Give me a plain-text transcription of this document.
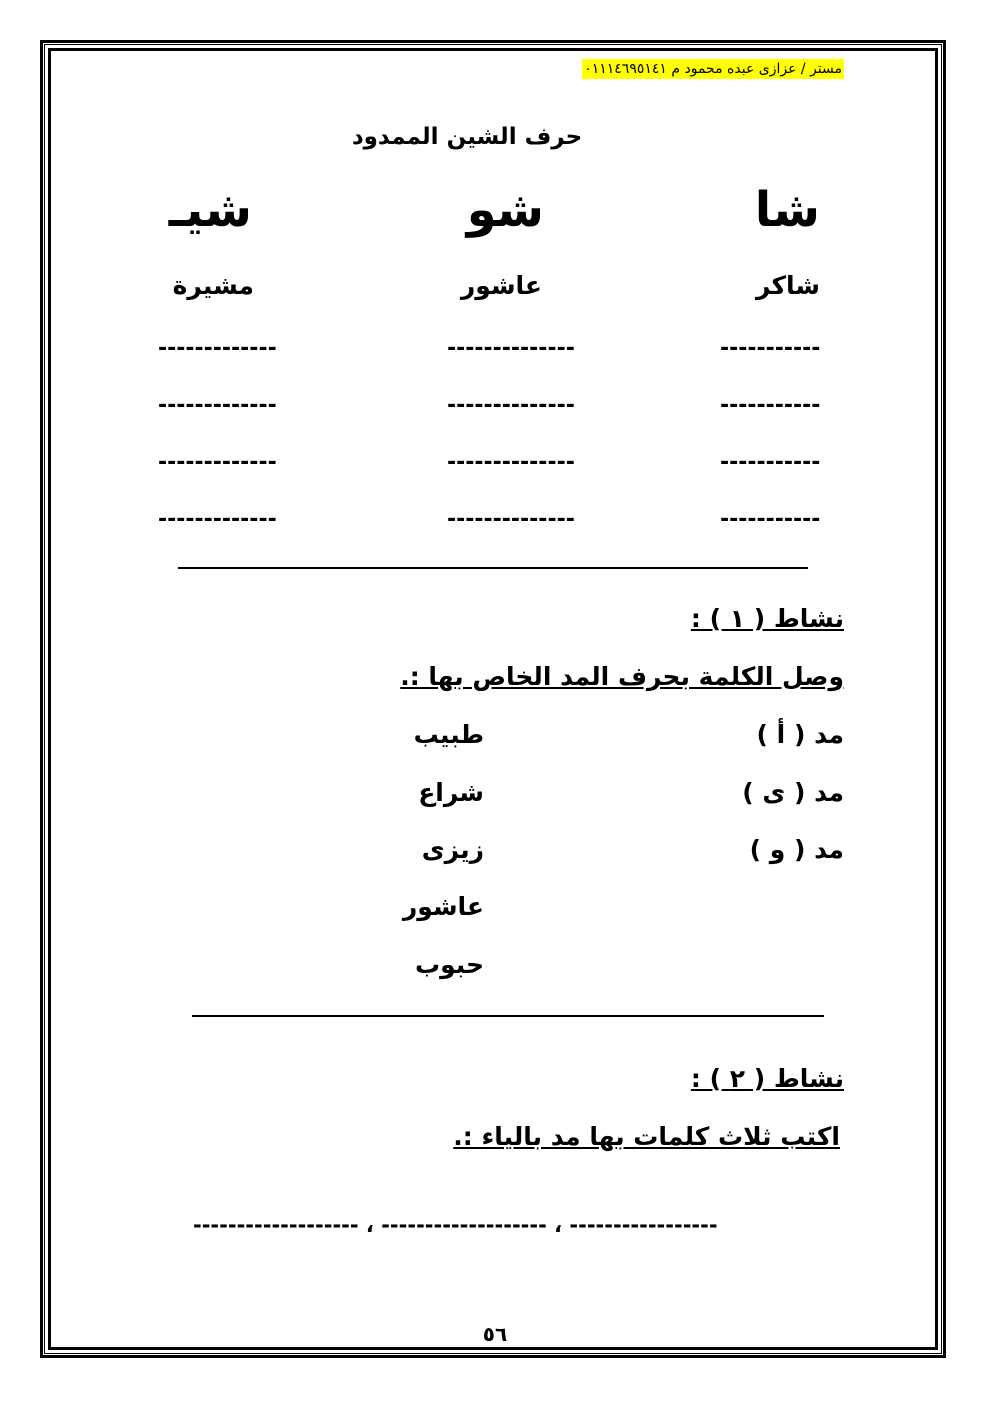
مستر / عزازى عبده محمود م ٠١١١٤٦٩٥١٤١
حرف الشين الممدود
شا
شو
شيـ
شاكر
عاشور
مشيرة
-----------
--------------
-------------
-----------
--------------
-------------
-----------
--------------
-------------
-----------
--------------
-------------
نشاط ( ١ ) :
وصل الكلمة بحرف المد الخاص بها :.
مد ( أ )
مد ( ى )
مد ( و )
طبيب
شراع
زيزى
عاشور
حبوب
نشاط ( ٢ ) :
اكتب ثلاث كلمات بها مد بالياء :.
------------------- ، ------------------- ، -----------------
٥٦
